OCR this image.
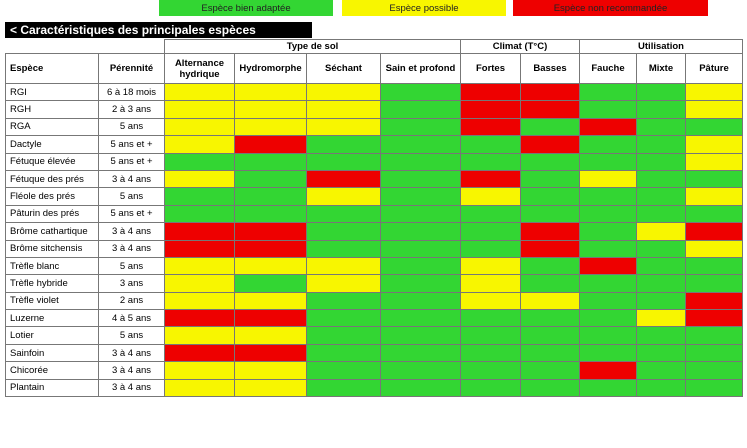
< Caractéristiques des principales espèces
		Type de sol				Climat (T°C)		Utilisation		
Espèce	Pérennité	Alternance hydrique	Hydromorphe	Séchant	Sain et profond	Fortes	Basses	Fauche	Mixte	Pâture
RGI	6 à 18 mois									
RGH	2 à 3 ans									
RGA	5 ans									
Dactyle	5 ans et +									
Fétuque élevée	5 ans et +									
Fétuque des prés	3 à 4 ans									
Fléole des prés	5 ans									
Pâturin des prés	5 ans et +									
Brôme cathartique	3 à 4 ans									
Brôme sitchensis	3 à 4 ans									
Trèfle blanc	5 ans									
Trèfle hybride	3 ans									
Trèfle violet	2 ans									
Luzerne	4 à 5 ans									
Lotier	5 ans									
Sainfoin	3 à 4 ans									
Chicorée	3 à 4 ans									
Plantain	3 à 4 ans									
Espèce bien adaptée	Espèce possible	Espèce non recommandée
